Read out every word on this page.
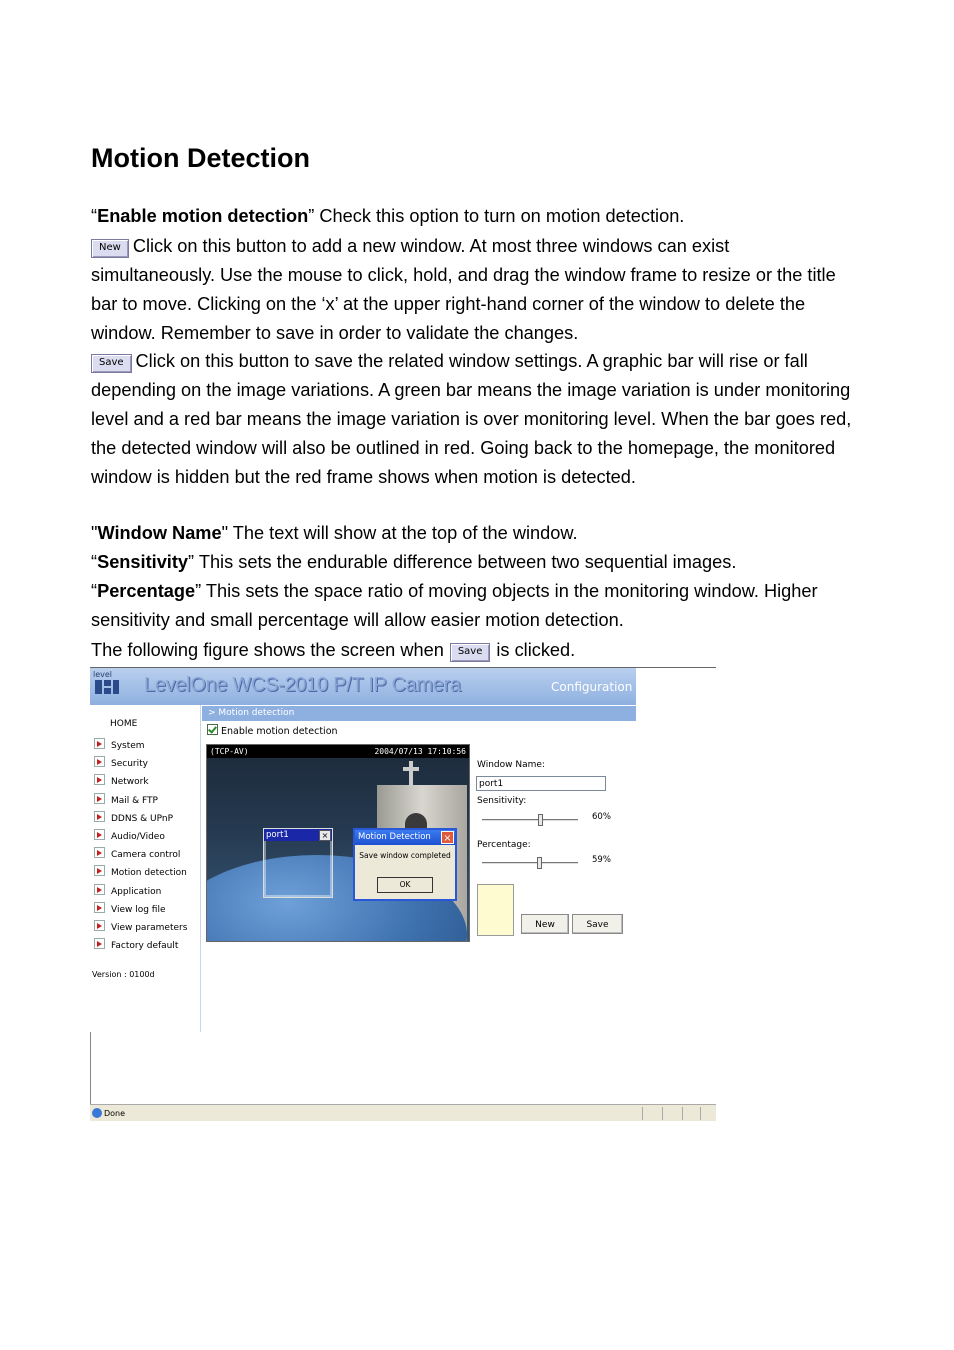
Motion Detection

“Enable motion detection” Check this option to turn on motion detection.

New Click on this button to add a new window. At most three windows can exist
simultaneously. Use the mouse to click, hold, and drag the window frame to resize or the title bar to move. Clicking on the ‘x’ at the upper right-hand corner of the window to delete the window. Remember to save in order to validate the changes.

Save Click on this button to save the related window settings. A graphic bar will rise or fall
depending on the image variations. A green bar means the image variation is under monitoring level and a red bar means the image variation is over monitoring level. When the bar goes red, the detected window will also be outlined in red. Going back to the homepage, the monitored window is hidden but the red frame shows when motion is detected.

"Window Name" The text will show at the top of the window.

“Sensitivity” This sets the endurable difference between two sequential images.

“Percentage” This sets the space ratio of moving objects in the monitoring window. Higher sensitivity and small percentage will allow easier motion detection.

The following figure shows the screen when Save is clicked.

level LevelOne WCS-2010 P/T IP Camera	Configuration
HOME
System
Security
Network
Mail & FTP
DDNS & UPnP
Audio/Video
Camera control
Motion detection
Application
View log file
View parameters
Factory default
Version : 0100d
> Motion detection
Enable motion detection
(TCP-AV)	2004/07/13 17:10:56
port1	×	Motion Detection ×
Save window completed
OK
Window Name:
port1
Sensitivity:
60%
Percentage:
59%
New	Save
Done
